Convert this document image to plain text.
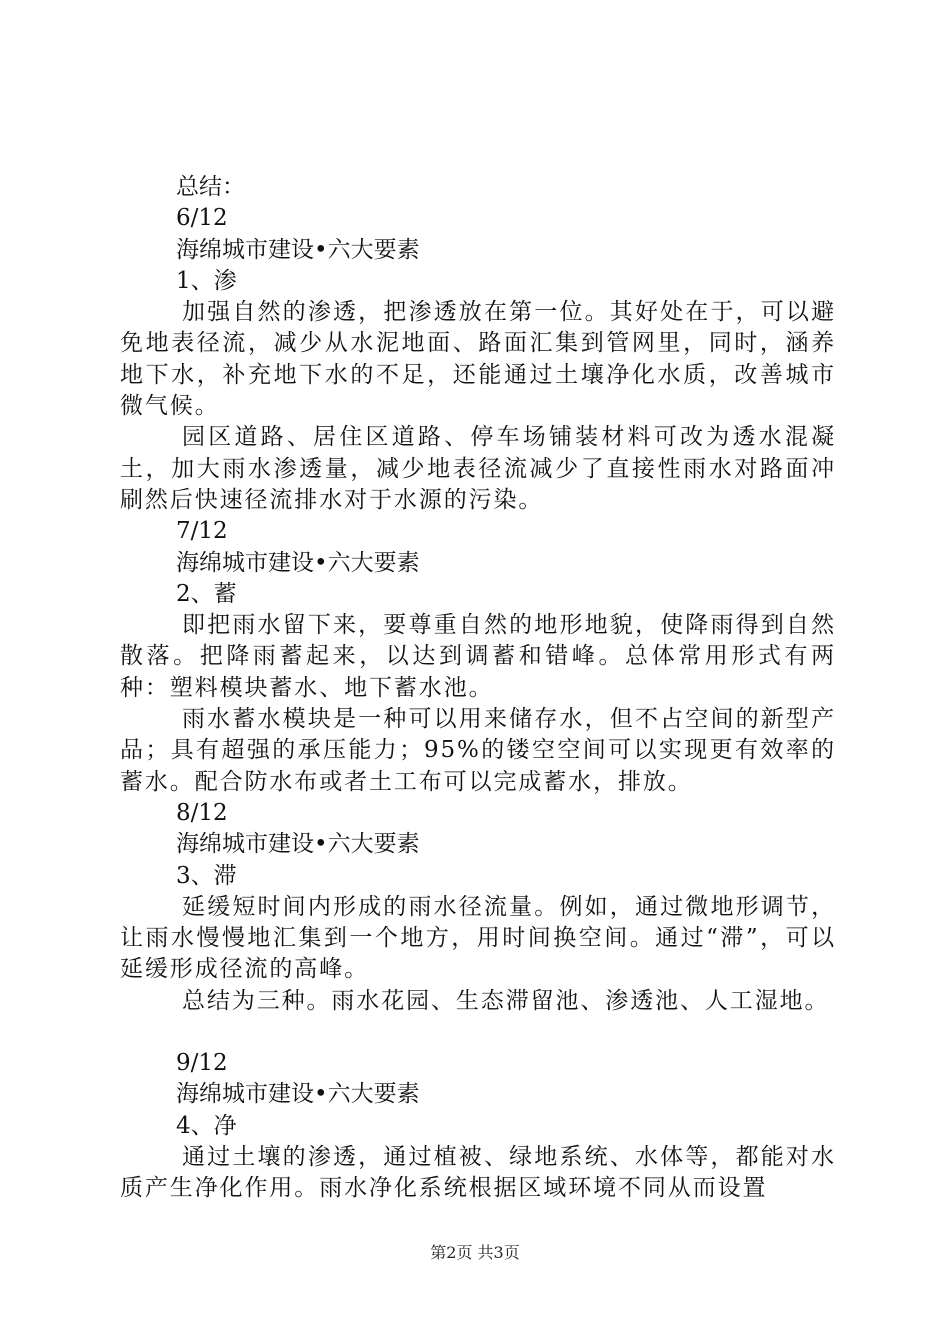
总结：

6/12

海绵城市建设•六大要素

1、渗

加强自然的渗透，把渗透放在第一位。其好处在于，可以避免地表径流，减少从水泥地面、路面汇集到管网里，同时，涵养地下水，补充地下水的不足，还能通过土壤净化水质，改善城市微气候。

园区道路、居住区道路、停车场铺装材料可改为透水混凝土，加大雨水渗透量，减少地表径流减少了直接性雨水对路面冲刷然后快速径流排水对于水源的污染。

7/12

海绵城市建设•六大要素

2、蓄

即把雨水留下来，要尊重自然的地形地貌，使降雨得到自然散落。把降雨蓄起来，以达到调蓄和错峰。总体常用形式有两种：塑料模块蓄水、地下蓄水池。

雨水蓄水模块是一种可以用来储存水，但不占空间的新型产品；具有超强的承压能力；95%的镂空空间可以实现更有效率的蓄水。配合防水布或者土工布可以完成蓄水，排放。

8/12

海绵城市建设•六大要素

3、滞

延缓短时间内形成的雨水径流量。例如，通过微地形调节，让雨水慢慢地汇集到一个地方，用时间换空间。通过“滞”，可以延缓形成径流的高峰。

总结为三种。雨水花园、生态滞留池、渗透池、人工湿地。

9/12

海绵城市建设•六大要素

4、净

通过土壤的渗透，通过植被、绿地系统、水体等，都能对水质产生净化作用。雨水净化系统根据区域环境不同从而设置

第2页 共3页
